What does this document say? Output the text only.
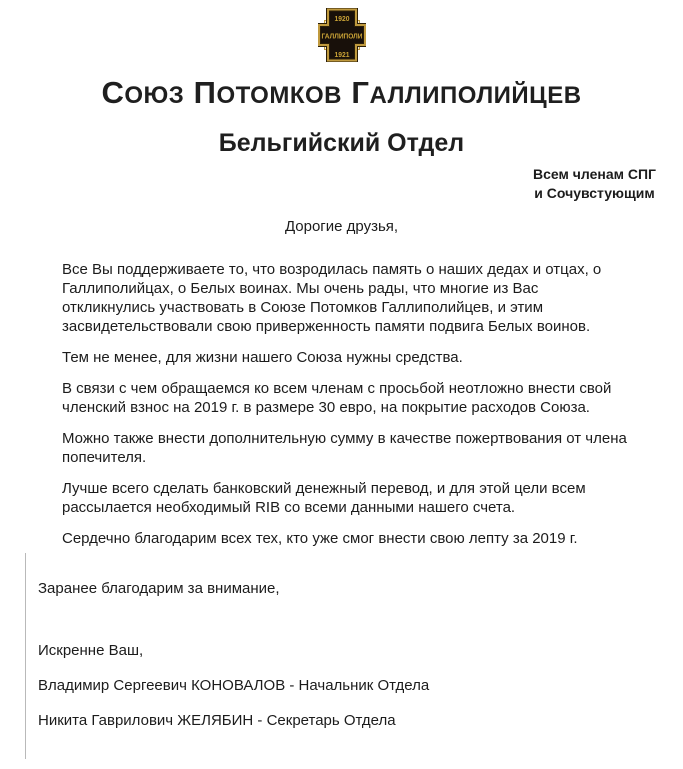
1920
ГАЛЛИПОЛИ
1921
СОЮЗ ПОТОМКОВ ГАЛЛИПОЛИЙЦЕВ
Бельгийский Отдел
Всем членам СПГ
и Сочувстующим
Дорогие друзья,

Все Вы поддерживаете то, что возродилась память о наших дедах и отцах, о Галлиполийцах, о Белых воинах. Мы очень рады, что многие из Вас откликнулись участвовать в Союзе Потомков Галлиполийцев, и этим засвидетельствовали свою приверженность памяти подвига Белых воинов.

Тем не менее, для жизни нашего Союза нужны средства.

В связи с чем обращаемся ко всем членам с просьбой неотложно внести свой членский взнос на 2019 г. в размере 30 евро, на покрытие расходов Союза.

Можно также внести дополнительную сумму в качестве пожертвования от члена попечителя.

Лучше всего сделать банковский денежный перевод, и для этой цели всем рассылается необходимый RIB со всеми данными нашего счета.

Сердечно благодарим всех тех, кто уже смог внести свою лепту за 2019 г.

Заранее благодарим за внимание,
Искренне Ваш,
Владимир Сергеевич КОНОВАЛОВ - Начальник Отдела
Никита Гаврилович ЖЕЛЯБИН - Секретарь Отдела
